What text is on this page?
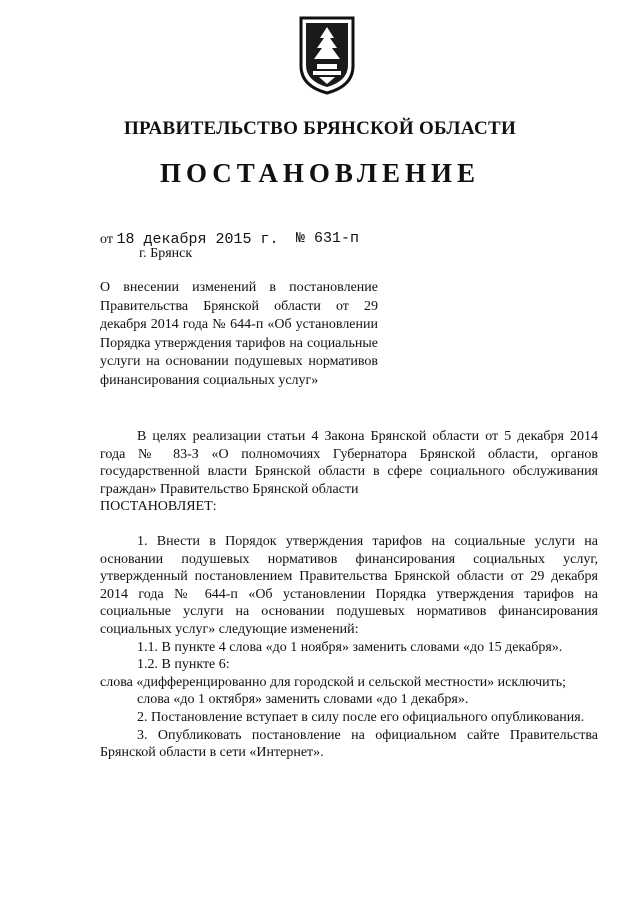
ПРАВИТЕЛЬСТВО БРЯНСКОЙ ОБЛАСТИ
ПОСТАНОВЛЕНИЕ
от 18 декабря 2015 г. № 631-п
г. Брянск
О внесении изменений в постановление Правительства Брянской области от 29 декабря 2014 года № 644-п «Об установлении Порядка утверждения тарифов на социальные услуги на основании подушевых нормативов финансирования социальных услуг»

В целях реализации статьи 4 Закона Брянской области от 5 декабря 2014 года № 83-З «О полномочиях Губернатора Брянской области, органов государственной власти Брянской области в сфере социального обслуживания граждан» Правительство Брянской области

ПОСТАНОВЛЯЕТ:

1. Внести в Порядок утверждения тарифов на социальные услуги на основании подушевых нормативов финансирования социальных услуг, утвержденный постановлением Правительства Брянской области от 29 декабря 2014 года № 644-п «Об установлении Порядка утверждения тарифов на социальные услуги на основании подушевых нормативов финансирования социальных услуг» следующие изменений:

1.1. В пункте 4 слова «до 1 ноября» заменить словами «до 15 декабря».

1.2. В пункте 6:

слова «дифференцированно для городской и сельской местности» исключить;

слова «до 1 октября» заменить словами «до 1 декабря».

2. Постановление вступает в силу после его официального опубликования.

3. Опубликовать постановление на официальном сайте Правительства Брянской области в сети «Интернет».
